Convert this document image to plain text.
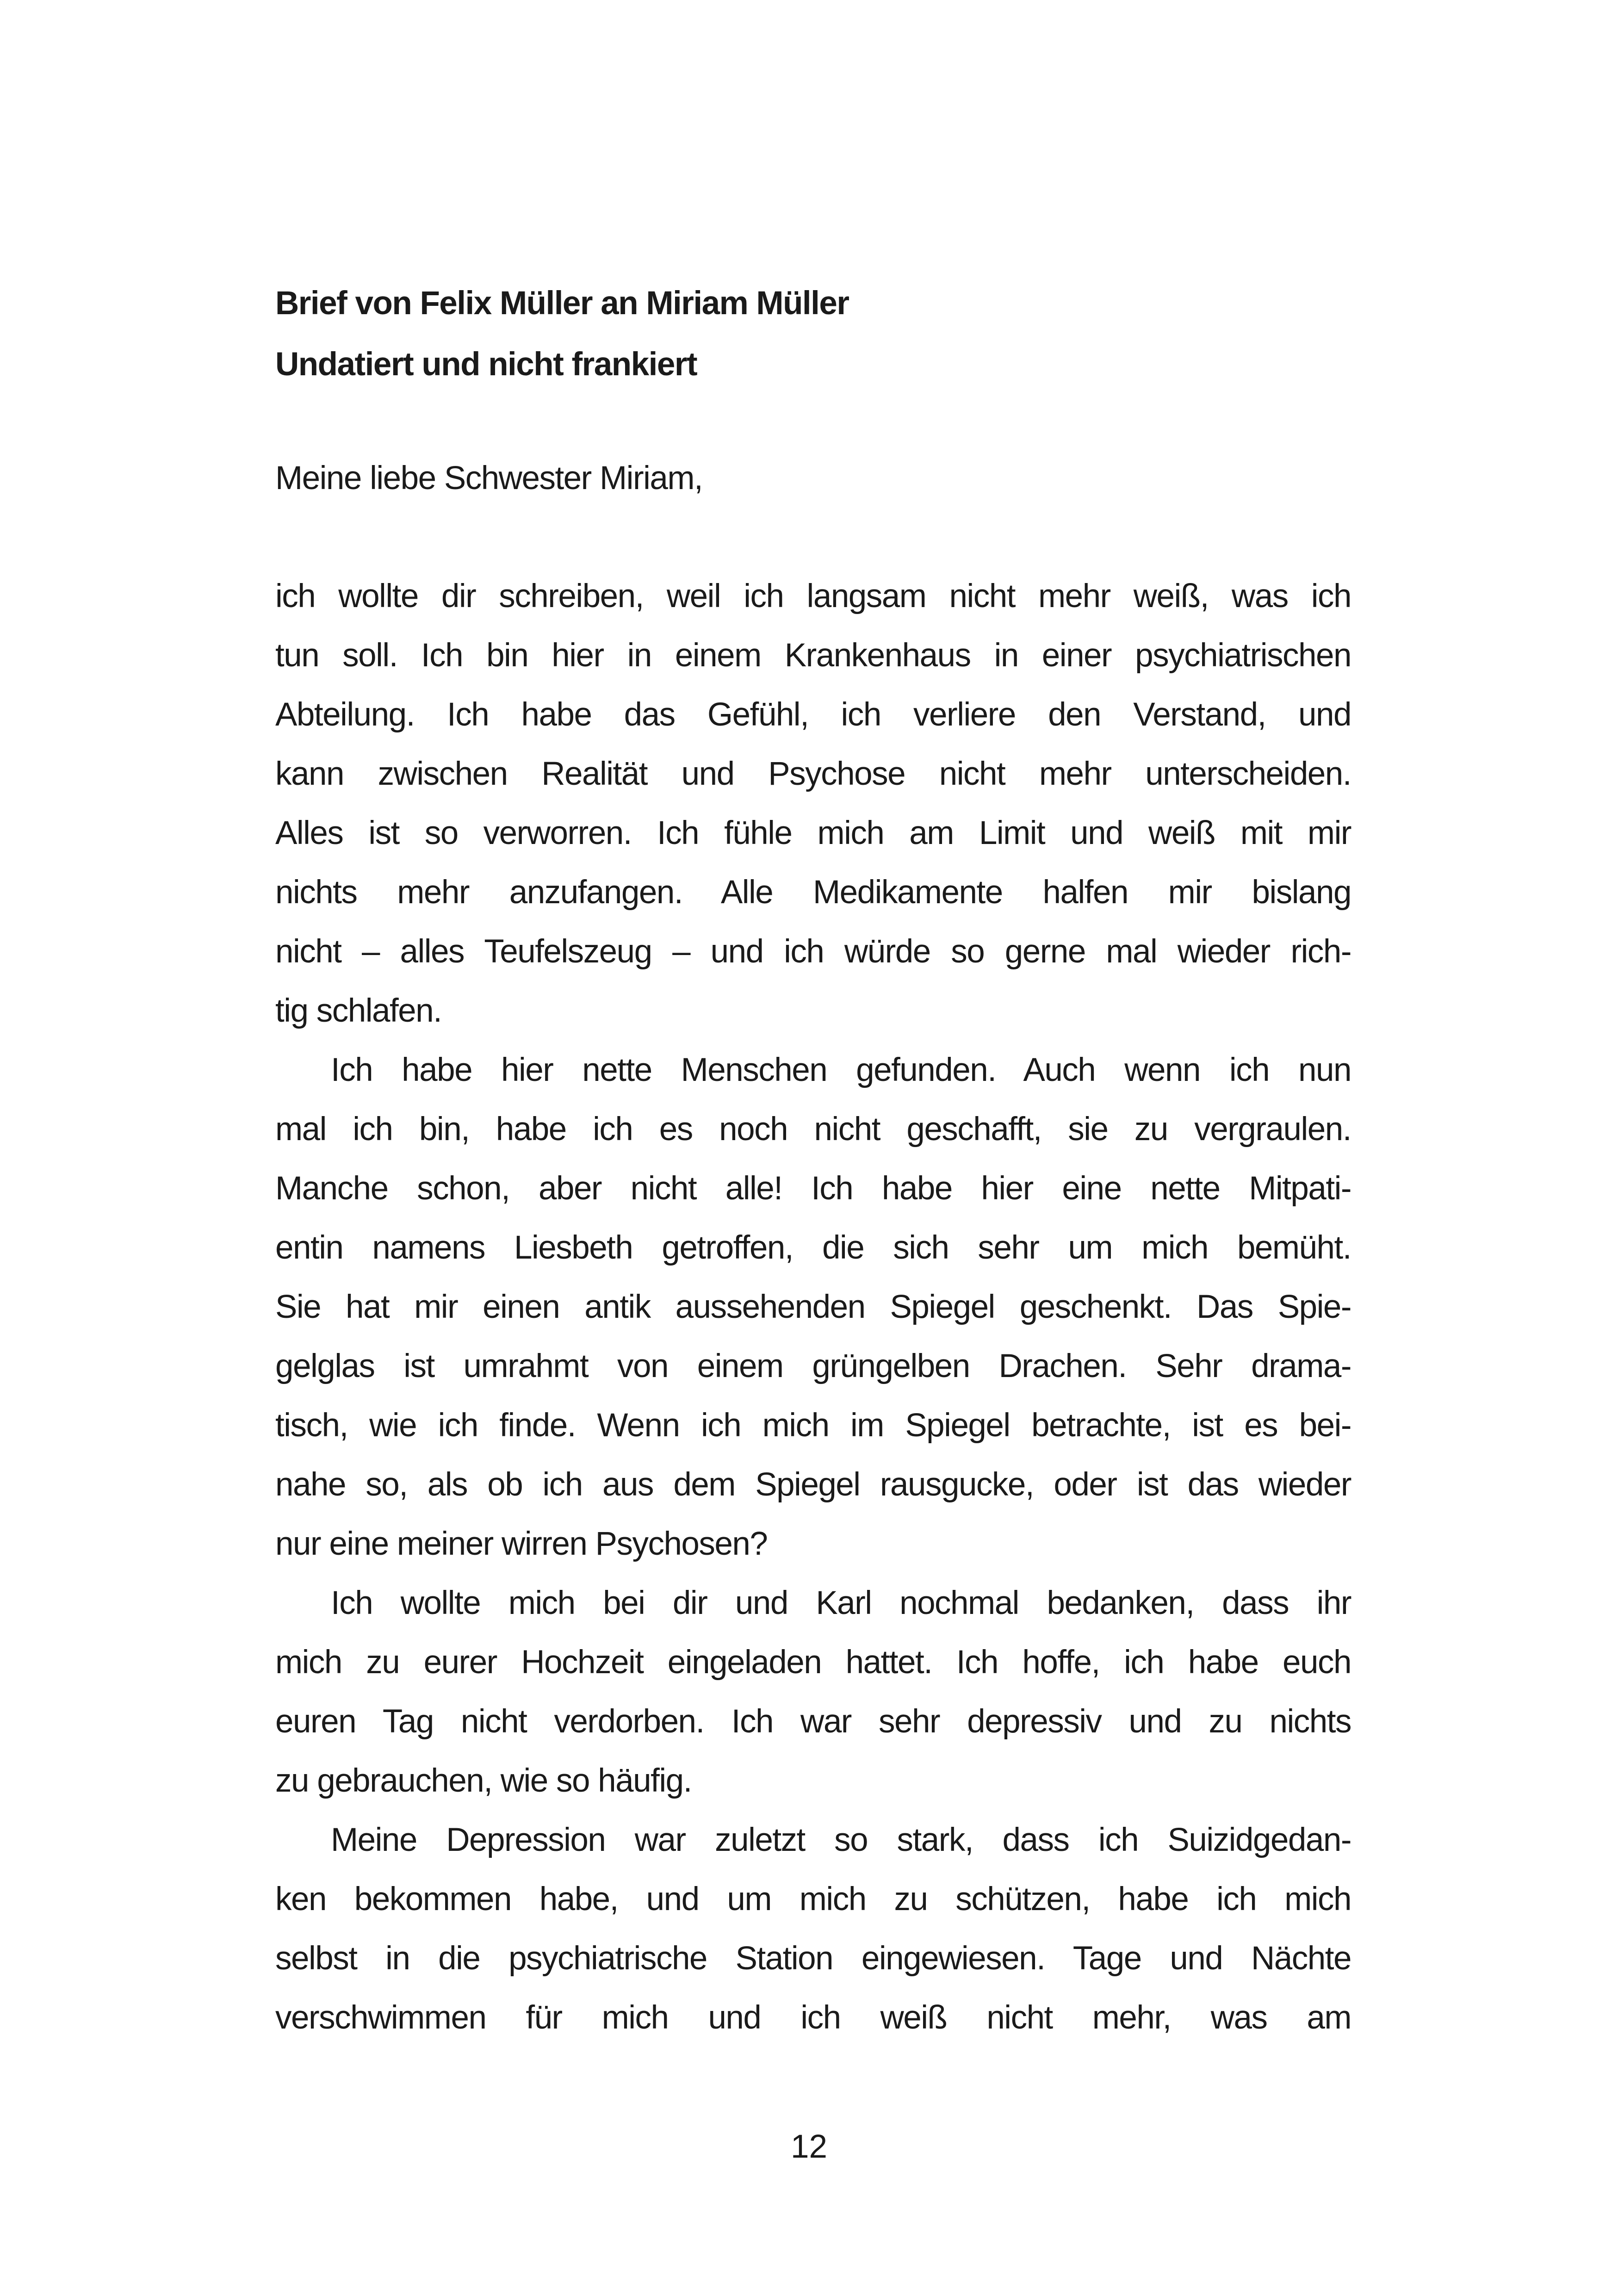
Brief von Felix Müller an Miriam Müller
Undatiert und nicht frankiert
Meine liebe Schwester Miriam,
ich wollte dir schreiben, weil ich langsam nicht mehr weiß, was ich
tun soll. Ich bin hier in einem Krankenhaus in einer psychiatrischen
Abteilung. Ich habe das Gefühl, ich verliere den Verstand, und
kann zwischen Realität und Psychose nicht mehr unterscheiden.
Alles ist so verworren. Ich fühle mich am Limit und weiß mit mir
nichts mehr anzufangen. Alle Medikamente halfen mir bislang
nicht – alles Teufelszeug – und ich würde so gerne mal wieder rich-
tig schlafen.
Ich habe hier nette Menschen gefunden. Auch wenn ich nun
mal ich bin, habe ich es noch nicht geschafft, sie zu vergraulen.
Manche schon, aber nicht alle! Ich habe hier eine nette Mitpati-
entin namens Liesbeth getroffen, die sich sehr um mich bemüht.
Sie hat mir einen antik aussehenden Spiegel geschenkt. Das Spie-
gelglas ist umrahmt von einem grüngelben Drachen. Sehr drama-
tisch, wie ich finde. Wenn ich mich im Spiegel betrachte, ist es bei-
nahe so, als ob ich aus dem Spiegel rausgucke, oder ist das wieder
nur eine meiner wirren Psychosen?
Ich wollte mich bei dir und Karl nochmal bedanken, dass ihr
mich zu eurer Hochzeit eingeladen hattet. Ich hoffe, ich habe euch
euren Tag nicht verdorben. Ich war sehr depressiv und zu nichts
zu gebrauchen, wie so häufig.
Meine Depression war zuletzt so stark, dass ich Suizidgedan-
ken bekommen habe, und um mich zu schützen, habe ich mich
selbst in die psychiatrische Station eingewiesen. Tage und Nächte
verschwimmen für mich und ich weiß nicht mehr, was am
12
